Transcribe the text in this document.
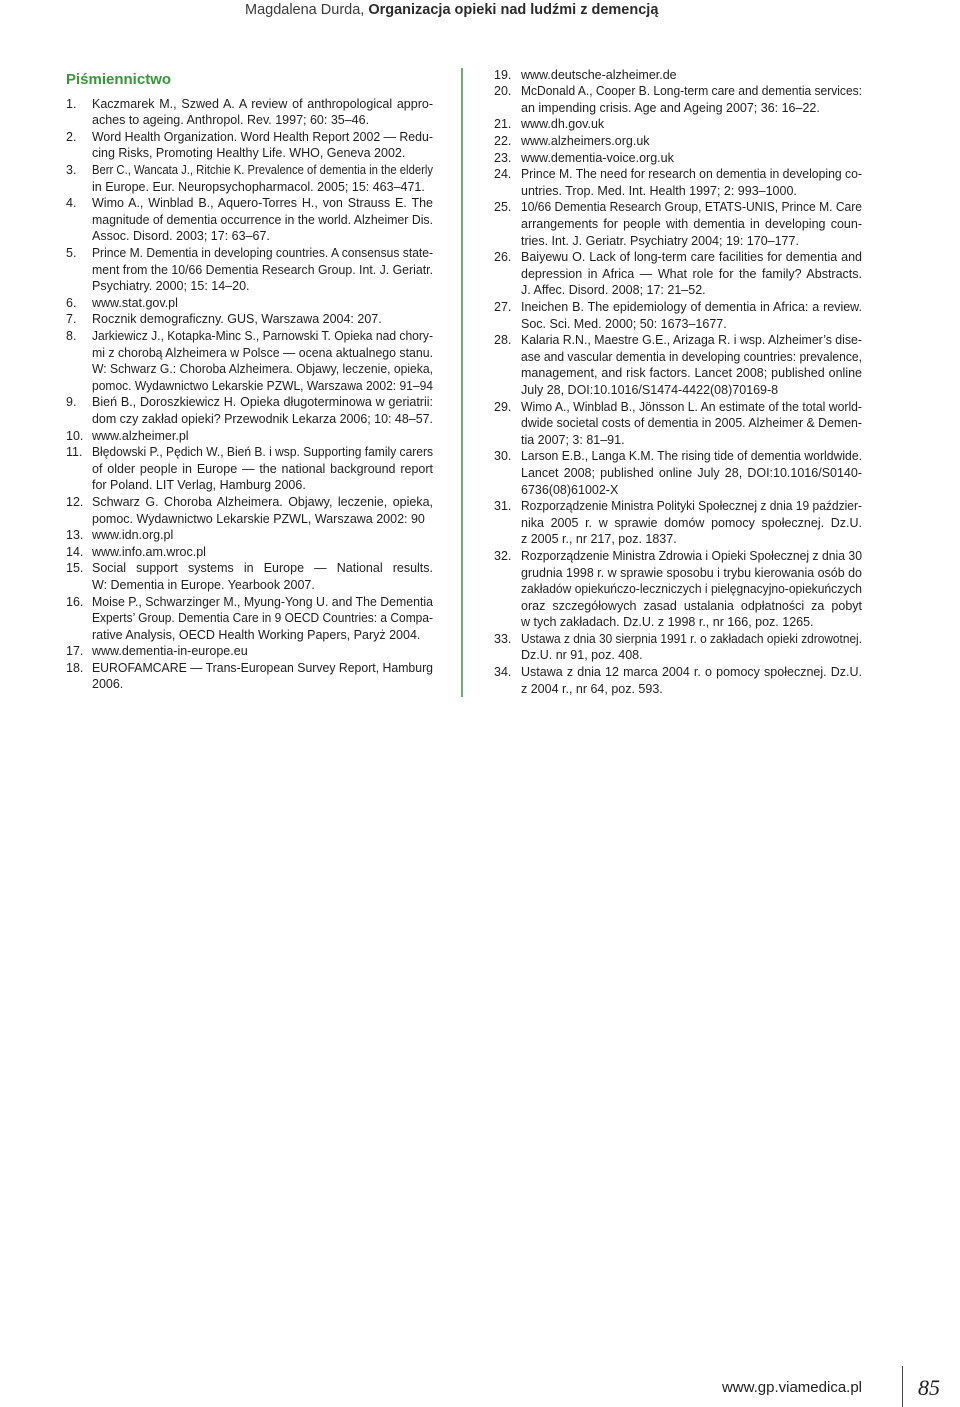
Magdalena Durda, Organizacja opieki nad ludźmi z demencją
Piśmiennictwo
1. Kaczmarek M., Szwed A. A review of anthropological appro-
aches to ageing. Anthropol. Rev. 1997; 60: 35–46.
2. Word Health Organization. Word Health Report 2002 — Redu-
cing Risks, Promoting Healthy Life. WHO, Geneva 2002.
3. Berr C., Wancata J., Ritchie K. Prevalence of dementia in the elderly
in Europe. Eur. Neuropsychopharmacol. 2005; 15: 463–471.
4. Wimo A., Winblad B., Aquero-Torres H., von Strauss E. The
magnitude of dementia occurrence in the world. Alzheimer Dis.
Assoc. Disord. 2003; 17: 63–67.
5. Prince M. Dementia in developing countries. A consensus state-
ment from the 10/66 Dementia Research Group. Int. J. Geriatr.
Psychiatry. 2000; 15: 14–20.
6. www.stat.gov.pl
7. Rocznik demograficzny. GUS, Warszawa 2004: 207.
8. Jarkiewicz J., Kotapka-Minc S., Parnowski T. Opieka nad chory-
mi z chorobą Alzheimera w Polsce — ocena aktualnego stanu.
W: Schwarz G.: Choroba Alzheimera. Objawy, leczenie, opieka,
pomoc. Wydawnictwo Lekarskie PZWL, Warszawa 2002: 91–94
9. Bień B., Doroszkiewicz H. Opieka długoterminowa w geriatrii:
dom czy zakład opieki? Przewodnik Lekarza 2006; 10: 48–57.
10. www.alzheimer.pl
11. Błędowski P., Pędich W., Bień B. i wsp. Supporting family carers
of older people in Europe — the national background report
for Poland. LIT Verlag, Hamburg 2006.
12. Schwarz G. Choroba Alzheimera. Objawy, leczenie, opieka,
pomoc. Wydawnictwo Lekarskie PZWL, Warszawa 2002: 90
13. www.idn.org.pl
14. www.info.am.wroc.pl
15. Social support systems in Europe — National results.
W: Dementia in Europe. Yearbook 2007.
16. Moise P., Schwarzinger M., Myung-Yong U. and The Dementia
Experts’ Group. Dementia Care in 9 OECD Countries: a Compa-
rative Analysis, OECD Health Working Papers, Paryż 2004.
17. www.dementia-in-europe.eu
18. EUROFAMCARE — Trans-European Survey Report, Hamburg
2006.
19. www.deutsche-alzheimer.de
20. McDonald A., Cooper B. Long-term care and dementia services:
an impending crisis. Age and Ageing 2007; 36: 16–22.
21. www.dh.gov.uk
22. www.alzheimers.org.uk
23. www.dementia-voice.org.uk
24. Prince M. The need for research on dementia in developing co-
untries. Trop. Med. Int. Health 1997; 2: 993–1000.
25. 10/66 Dementia Research Group, ETATS-UNIS, Prince M. Care
arrangements for people with dementia in developing coun-
tries. Int. J. Geriatr. Psychiatry 2004; 19: 170–177.
26. Baiyewu O. Lack of long-term care facilities for dementia and
depression in Africa — What role for the family? Abstracts.
J. Affec. Disord. 2008; 17: 21–52.
27. Ineichen B. The epidemiology of dementia in Africa: a review.
Soc. Sci. Med. 2000; 50: 1673–1677.
28. Kalaria R.N., Maestre G.E., Arizaga R. i wsp. Alzheimer’s dise-
ase and vascular dementia in developing countries: prevalence,
management, and risk factors. Lancet 2008; published online
July 28, DOI:10.1016/S1474-4422(08)70169-8
29. Wimo A., Winblad B., Jönsson L. An estimate of the total world-
dwide societal costs of dementia in 2005. Alzheimer & Demen-
tia 2007; 3: 81–91.
30. Larson E.B., Langa K.M. The rising tide of dementia worldwide.
Lancet 2008; published online July 28, DOI:10.1016/S0140-
6736(08)61002-X
31. Rozporządzenie Ministra Polityki Społecznej z dnia 19 paździer-
nika 2005 r. w sprawie domów pomocy społecznej. Dz.U.
z 2005 r., nr 217, poz. 1837.
32. Rozporządzenie Ministra Zdrowia i Opieki Społecznej z dnia 30
grudnia 1998 r. w sprawie sposobu i trybu kierowania osób do
zakładów opiekuńczo-leczniczych i pielęgnacyjno-opiekuńczych
oraz szczegółowych zasad ustalania odpłatności za pobyt
w tych zakładach. Dz.U. z 1998 r., nr 166, poz. 1265.
33. Ustawa z dnia 30 sierpnia 1991 r. o zakładach opieki zdrowotnej.
Dz.U. nr 91, poz. 408.
34. Ustawa z dnia 12 marca 2004 r. o pomocy społecznej. Dz.U.
z 2004 r., nr 64, poz. 593.
www.gp.viamedica.pl	85
